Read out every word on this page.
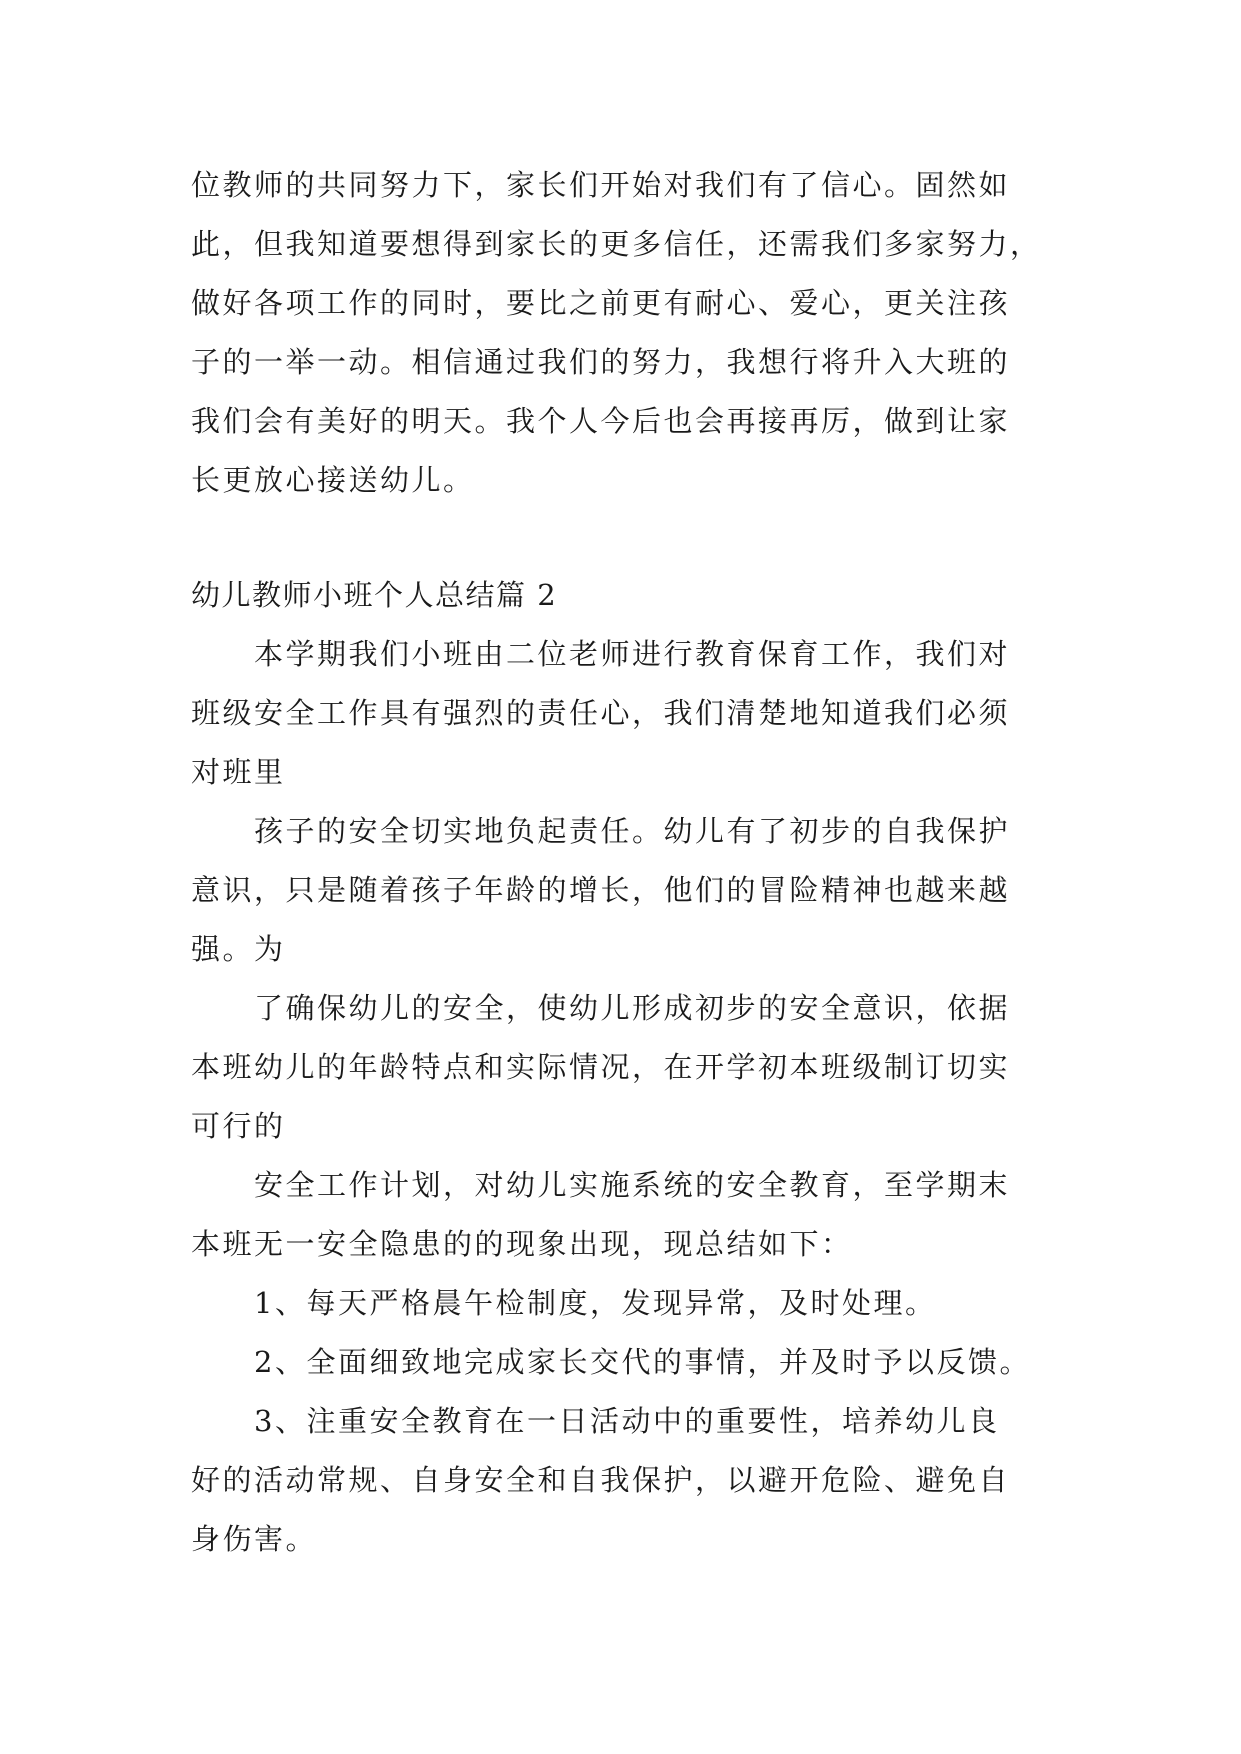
位教师的共同努力下，家长们开始对我们有了信心。固然如
此，但我知道要想得到家长的更多信任，还需我们多家努力，
做好各项工作的同时，要比之前更有耐心、爱心，更关注孩
子的一举一动。相信通过我们的努力，我想行将升入大班的
我们会有美好的明天。我个人今后也会再接再厉，做到让家
长更放心接送幼儿。
幼儿教师小班个人总结篇 2
本学期我们小班由二位老师进行教育保育工作，我们对
班级安全工作具有强烈的责任心，我们清楚地知道我们必须
对班里
孩子的安全切实地负起责任。幼儿有了初步的自我保护
意识，只是随着孩子年龄的增长，他们的冒险精神也越来越
强。为
了确保幼儿的安全，使幼儿形成初步的安全意识，依据
本班幼儿的年龄特点和实际情况，在开学初本班级制订切实
可行的
安全工作计划，对幼儿实施系统的安全教育，至学期末
本班无一安全隐患的的现象出现，现总结如下：
1、每天严格晨午检制度，发现异常，及时处理。
2、全面细致地完成家长交代的事情，并及时予以反馈。
3、注重安全教育在一日活动中的重要性，培养幼儿良
好的活动常规、自身安全和自我保护，以避开危险、避免自
身伤害。
